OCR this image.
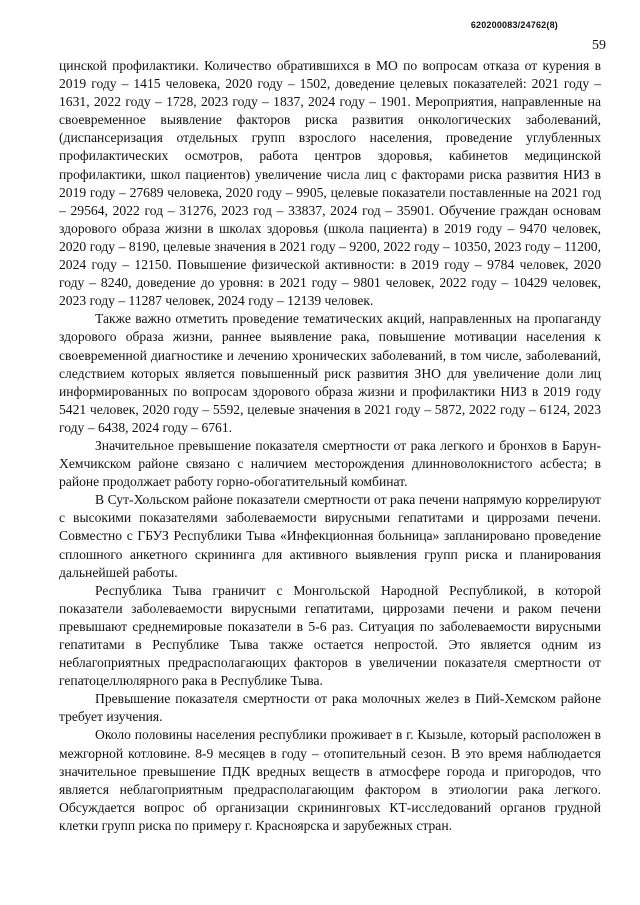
620200083/24762(8)
59

цинской профилактики. Количество обратившихся в МО по вопросам отказа от курения в 2019 году – 1415 человека, 2020 году – 1502, доведение целевых показателей: 2021 году – 1631, 2022 году – 1728, 2023 году – 1837, 2024 году – 1901. Мероприятия, направленные на своевременное выявление факторов риска развития онкологических заболеваний, (диспансеризация отдельных групп взрослого населения, проведение углубленных профилактических осмотров, работа центров здоровья, кабинетов медицинской профилактики, школ пациентов) увеличение числа лиц с факторами риска развития НИЗ в 2019 году – 27689 человека, 2020 году – 9905, целевые показатели поставленные на 2021 год – 29564, 2022 год – 31276, 2023 год – 33837, 2024 год – 35901. Обучение граждан основам здорового образа жизни в школах здоровья (школа пациента) в 2019 году – 9470 человек, 2020 году – 8190, целевые значения в 2021 году – 9200, 2022 году – 10350, 2023 году – 11200, 2024 году – 12150. Повышение физической активности: в 2019 году – 9784 человек, 2020 году – 8240, доведение до уровня: в 2021 году – 9801 человек, 2022 году – 10429 человек, 2023 году – 11287 человек, 2024 году – 12139 человек.

Также важно отметить проведение тематических акций, направленных на пропаганду здорового образа жизни, раннее выявление рака, повышение мотивации населения к своевременной диагностике и лечению хронических заболеваний, в том числе, заболеваний, следствием которых является повышенный риск развития ЗНО для увеличение доли лиц информированных по вопросам здорового образа жизни и профилактики НИЗ в 2019 году 5421 человек, 2020 году – 5592, целевые значения в 2021 году – 5872, 2022 году – 6124, 2023 году – 6438, 2024 году – 6761.

Значительное превышение показателя смертности от рака легкого и бронхов в Барун-Хемчикском районе связано с наличием месторождения длинноволокнистого асбеста; в районе продолжает работу горно-обогатительный комбинат.

В Сут-Хольском районе показатели смертности от рака печени напрямую коррелируют с высокими показателями заболеваемости вирусными гепатитами и циррозами печени. Совместно с ГБУЗ Республики Тыва «Инфекционная больница» запланировано проведение сплошного анкетного скрининга для активного выявления групп риска и планирования дальнейшей работы.

Республика Тыва граничит с Монгольской Народной Республикой, в которой показатели заболеваемости вирусными гепатитами, циррозами печени и раком печени превышают среднемировые показатели в 5-6 раз. Ситуация по заболеваемости вирусными гепатитами в Республике Тыва также остается непростой. Это является одним из неблагоприятных предрасполагающих факторов в увеличении показателя смертности от гепатоцеллюлярного рака в Республике Тыва.

Превышение показателя смертности от рака молочных желез в Пий-Хемском районе требует изучения.

Около половины населения республики проживает в г. Кызыле, который расположен в межгорной котловине. 8-9 месяцев в году – отопительный сезон. В это время наблюдается значительное превышение ПДК вредных веществ в атмосфере города и пригородов, что является неблагоприятным предрасполагающим фактором в этиологии рака легкого. Обсуждается вопрос об организации скрининговых КТ-исследований органов грудной клетки групп риска по примеру г. Красноярска и зарубежных стран.
